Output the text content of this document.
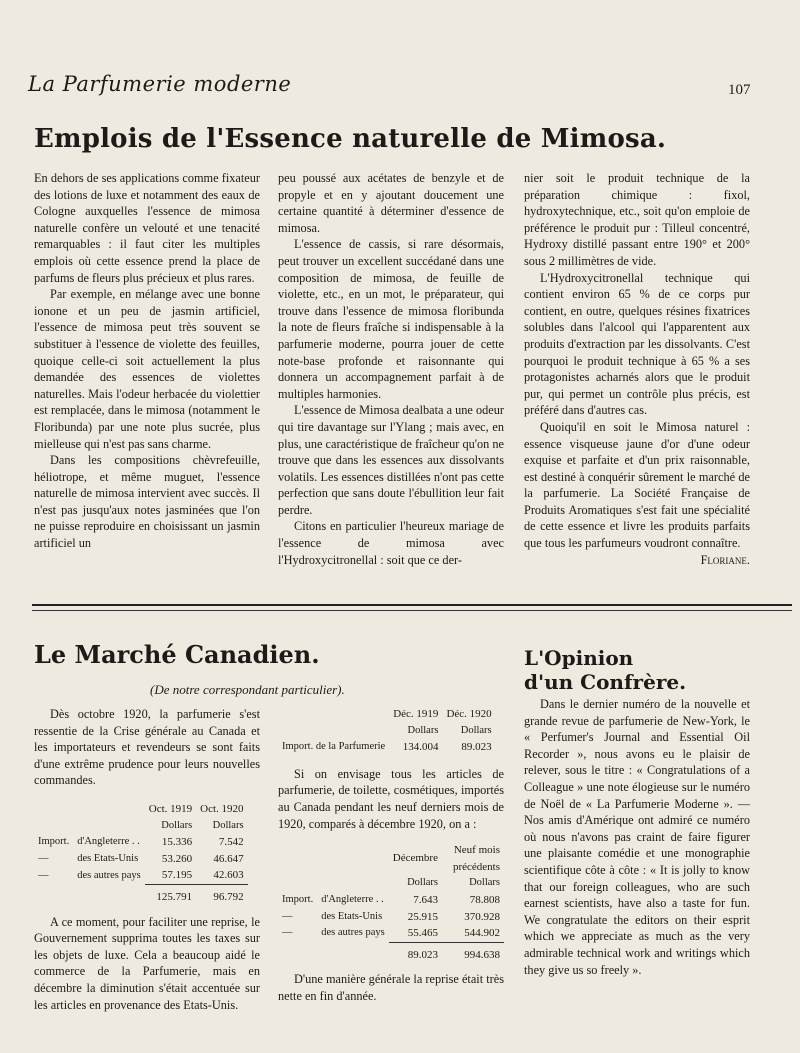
La Parfumerie moderne	107
Emplois de l'Essence naturelle de Mimosa.

En dehors de ses applications comme fixateur des lotions de luxe et notamment des eaux de Cologne auxquelles l'essence de mimosa naturelle confère un velouté et une tenacité remarquables : il faut citer les multiples emplois où cette essence prend la place de parfums de fleurs plus précieux et plus rares.

Par exemple, en mélange avec une bonne ionone et un peu de jasmin artificiel, l'essence de mimosa peut très souvent se substituer à l'essence de violette des feuilles, quoique celle-ci soit actuellement la plus demandée des essences de violettes naturelles. Mais l'odeur herbacée du violettier est remplacée, dans le mimosa (notamment le Floribunda) par une note plus sucrée, plus mielleuse qui n'est pas sans charme.

Dans les compositions chèvrefeuille, héliotrope, et même muguet, l'essence naturelle de mimosa intervient avec succès. Il n'est pas jusqu'aux notes jasminées que l'on ne puisse reproduire en choisissant un jasmin artificiel un

peu poussé aux acétates de benzyle et de propyle et en y ajoutant doucement une certaine quantité à déterminer d'essence de mimosa.

L'essence de cassis, si rare désormais, peut trouver un excellent succédané dans une composition de mimosa, de feuille de violette, etc., en un mot, le préparateur, qui trouve dans l'essence de mimosa floribunda la note de fleurs fraîche si indispensable à la parfumerie moderne, pourra jouer de cette note-base profonde et raisonnante qui donnera un accompagnement parfait à de multiples harmonies.

L'essence de Mimosa dealbata a une odeur qui tire davantage sur l'Ylang ; mais avec, en plus, une caractéristique de fraîcheur qu'on ne trouve que dans les essences aux dissolvants volatils. Les essences distillées n'ont pas cette perfection que sans doute l'ébullition leur fait perdre.

Citons en particulier l'heureux mariage de l'essence de mimosa avec l'Hydroxycitronellal : soit que ce der-

nier soit le produit technique de la préparation chimique : fixol, hydroxytechnique, etc., soit qu'on emploie de préférence le produit pur : Tilleul concentré, Hydroxy distillé passant entre 190° et 200° sous 2 millimètres de vide.

L'Hydroxycitronellal technique qui contient environ 65 % de ce corps pur contient, en outre, quelques résines fixatrices solubles dans l'alcool qui l'apparentent aux produits d'extraction par les dissolvants. C'est pourquoi le produit technique à 65 % a ses protagonistes acharnés alors que le produit pur, qui permet un contrôle plus précis, est préféré dans d'autres cas.

Quoiqu'il en soit le Mimosa naturel : essence visqueuse jaune d'or d'une odeur exquise et parfaite et d'un prix raisonnable, est destiné à conquérir sûrement le marché de la parfumerie. La Société Française de Produits Aromatiques s'est fait une spécialité de cette essence et livre les produits parfaits que tous les parfumeurs voudront connaître.

Floriane.
Le Marché Canadien.
(De notre correspondant particulier).

Dès octobre 1920, la parfumerie s'est ressentie de la Crise générale au Canada et les importateurs et revendeurs se sont faits d'une extrême prudence pour leurs nouvelles commandes.

		Oct. 1919	Oct. 1920
		Dollars	Dollars
Import.	d'Angleterre . .	15.336	7.542
—	des Etats-Unis	53.260	46.647
—	des autres pays	57.195	42.603
		125.791	96.792

A ce moment, pour faciliter une reprise, le Gouvernement supprima toutes les taxes sur les objets de luxe. Cela a beaucoup aidé le commerce de la Parfumerie, mais en décembre la diminution s'était accentuée sur les articles en provenance des Etats-Unis.

	Déc. 1919	Déc. 1920
	Dollars	Dollars
Import. de la Parfumerie	134.004	89.023

Si on envisage tous les articles de parfumerie, de toilette, cosmétiques, importés au Canada pendant les neuf derniers mois de 1920, comparés à décembre 1920, on a :

		Décembre	Neuf mois précédents
		Dollars	Dollars
Import.	d'Angleterre . .	7.643	78.808
—	des Etats-Unis	25.915	370.928
—	des autres pays	55.465	544.902
		89.023	994.638

D'une manière générale la reprise était très nette en fin d'année.

L'Opinion
d'un Confrère.

Dans le dernier numéro de la nouvelle et grande revue de parfumerie de New-York, le « Perfumer's Journal and Essential Oil Recorder », nous avons eu le plaisir de relever, sous le titre : « Congratulations of a Colleague » une note élogieuse sur le numéro de Noël de « La Parfumerie Moderne ». — Nos amis d'Amérique ont admiré ce numéro où nous n'avons pas craint de faire figurer une plaisante comédie et une monographie scientifique côte à côte : « It is jolly to know that our foreign colleagues, who are such earnest scientists, have also a taste for fun. We congratulate the editors on their esprit which we appreciate as much as the very admirable technical work and writings which they give us so freely ».
